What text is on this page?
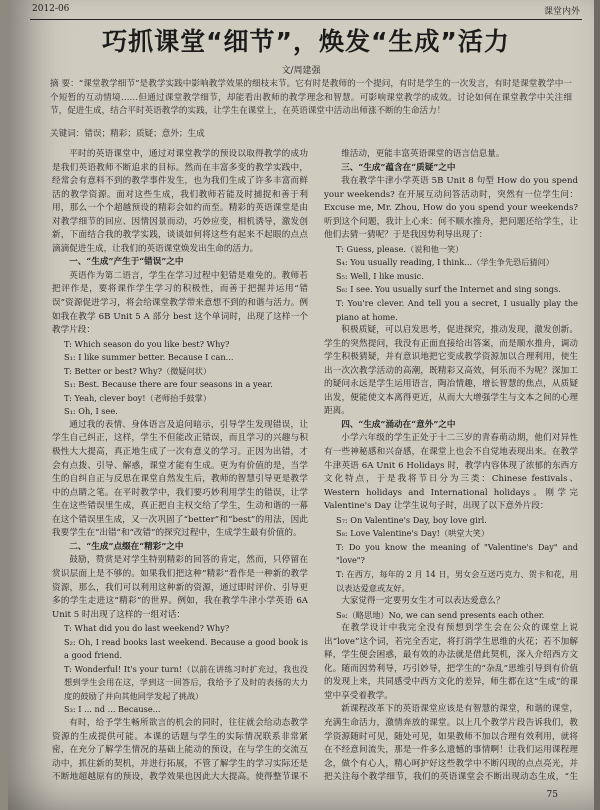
2012-06	课堂内外
巧抓课堂“细节”，焕发“生成”活力
文/周建强
摘 要：“课堂教学细节”是教学实践中影响教学效果的细枝末节。它有时是教师的一个提问，有时是学生的一次发言，有时是课堂教学中一个短暂的互动情境……但通过课堂教学细节，却能看出教师的教学理念和智慧。可影响课堂教学的成效。讨论如何在课堂教学中关注细节，促进生成，结合平时英语教学的实践，让学生在课堂上，在英语课堂中活动出师涨不断的生命活力！
关键词：错误；精彩；质疑；意外；生成

平时的英语课堂中，通过对课堂教学的预设以取得教学的成功是我们英语教师不断追求的目标。然而在丰富多变的教学实践中，经常会有意料不到的教学事件发生，也为我们生成了许多丰富而鲜活的教学资源。面对这些生成，我们教师若能及时捕捉和善于利用，那么一个个超越预设的精彩会如约而至。精彩的英语课堂是由对教学细节的回应、因情因景而动，巧妙应变，相机诱导，激发创新，下面结合我的教学实践，谈谈如何将这些有起来不起眼的点点滴滴促进生成，让我们的英语课堂焕发出生命的活力。

一、“生成”产生于“错误”之中

英语作为第二语言，学生在学习过程中犯错是难免的。教师若把评作是，要将课作学生学习的积极性，而善于把握并运用“错误”资源促进学习，将会给课堂教学带来意想不到的和谐与活力。例如我在教学 6B Unit 5 A 部分 best 这个单词时，出现了这样一个教学片段：

T: Which season do you like best? Why?

S₁: I like summer better. Because I can...

T: Better or best? Why?（微疑问状）

S₁: Best. Because there are four seasons in a year.

T: Yeah, clever boy!（老师抬手鼓掌）

S₁: Oh, I see.

通过我的表情、身体语言及追问暗示，引导学生发现错误，让学生自己纠正，这样，学生不但能改正错误，而且学习的兴趣与积极性大大提高，真正地生成了一次有意义的学习。正因为出错，才会有点拨、引导、解惑，课堂才能有生成。更为有价值的是，当学生的自纠自正与反思在课堂自然发生后，教师的智慧引导更是教学中的点睛之笔。在平时教学中，我们要巧妙利用学生的错误，让学生在这些错误里生成，真正把自主权交给了学生，生动和谐的一幕在这个错误里生成，又一次巩固了“better”和“best”的用法，因此我要学生在“出错”和“改错”的探究过程中，生成学生最有价值的。

二、“生成”点缀在“精彩”之中

鼓励，赞赏是对学生特别精彩的回答的肯定，然而，只停留在赏识层面上是不够的。如果我们把这种“精彩”看作是一种新的教学资源，那么，我们可以利用这种新的资源，通过即时评价、引导更多的学生走进这“精彩”的世界。例如，我在教学牛津小学英语 6A Unit 5 时出现了这样的一组对话：

T: What did you do last weekend? Why?

S₂: Oh, I read books last weekend. Because a good book is a good friend.

T: Wonderful! It's your turn!（以前在讲练习时扩充过，我也没想到学生会用在这，学到这一回答后，我给予了及时的表扬的大力度的鼓励了并向其他同学发起了挑战）

S₃: I ... nd ... Because...

有时，给予学生畅所欲言的机会的同时，往往就会给动态教学资源的生成提供可能。本课的话题与学生的实际情况联系非常紧密，在充分了解学生情况的基础上能动的预设，在与学生的交流互动中，抓住新的契机，并进行拓展，不管了解学生的学习实际还是不断地超越原有的预设，教学效果也因此大大提高。使得整节课不

维活动，更能丰富英语课堂的语言信息量。

三、“生成”蕴含在“质疑”之中

我在教学牛津小学英语 5B Unit 8 句型 How do you spend your weekends? 在开展互动问答活动时，突然有一位学生问：Excuse me, Mr. Zhou, How do you spend your weekends? 听到这个问题，我计上心来：何不顺水推舟，把问题还给学生，让他们去猜一猜呢？于是我因势利导出现了：

T: Guess, please.（说和他一笑）

S₄: You usually reading, I think...（学生争先恐后猜问）

S₅: Well, I like music.

S₆: I see. You usually surf the Internet and sing songs.

T: You're clever. And tell you a secret, I usually play the piano at home.

积极质疑，可以启发思考，促进探究，推动发现，激发创新。学生的突然提问，我没有正面直接给出答案，而是顺水推舟，调动学生积极猜疑，并有意识地把它变成教学资源加以合理利用，使生出一次次教学活动的高潮，既精彩又高效，何乐而不为呢？深加工的疑问永远是学生运用语言，陶冶情趣，增长智慧的焦点，从质疑出发，便能使文本离得更近，从而大大增强学生与文本之间的心理距离。

四、“生成”涌动在“意外”之中

小学六年级的学生正处于十二三岁的青春萌动期，他们对异性有一些神秘感和兴奋感，在课堂上也会不自觉地表现出来。在教学牛津英语 6A Unit 6 Holidays 时，教学内容体现了浓郁的东西方文化特点，于是我将节日分为三类：Chinese festivals、Western holidays and International holidays。刚学完 Valentine's Day 让学生说句子时，出现了以下意外片段：

S₇: On Valentine's Day, boy love girl.

S₈: Love Valentine's Day!（哄堂大笑）

T: Do you know the meaning of "Valentine's Day" and "love"?

T: 在西方，每年的 2 月 14 日，男女会互送巧克力、贺卡和花，用以表达爱意或友好。

大家觉得一定要男女生才可以表达爱意么？

S₉:（略思地）No, we can send presents each other.

在教学设计中我完全没有预想到学生会在公众的课堂上说出“love”这个词，若完全否定，将打消学生思维的火花；若不加解释，学生便会困惑，最有效的办法就是借此契机，深入介绍西方文化。随而因势利导，巧引妙导，把学生的“杂乱”思维引导到有价值的发现上来，共同感受中西方文化的差异，师生都在这“生成”的课堂中享受着教学。

新课程改革下的英语课堂应该是有智慧的课堂，和谐的课堂，充满生命活力，激情奔放的课堂。以上几个教学片段告诉我们，教学资源随时可见，随处可见，如果教师不加以合理有效利用，就将在不经意间流失，那是一件多么遗憾的事情啊！让我们运用课程理念，做个有心人，精心呵护好这些教学中不断闪现的点点亮光，并把关注每个教学细节，我们的英语课堂会不断出现动态生成，“生

75
